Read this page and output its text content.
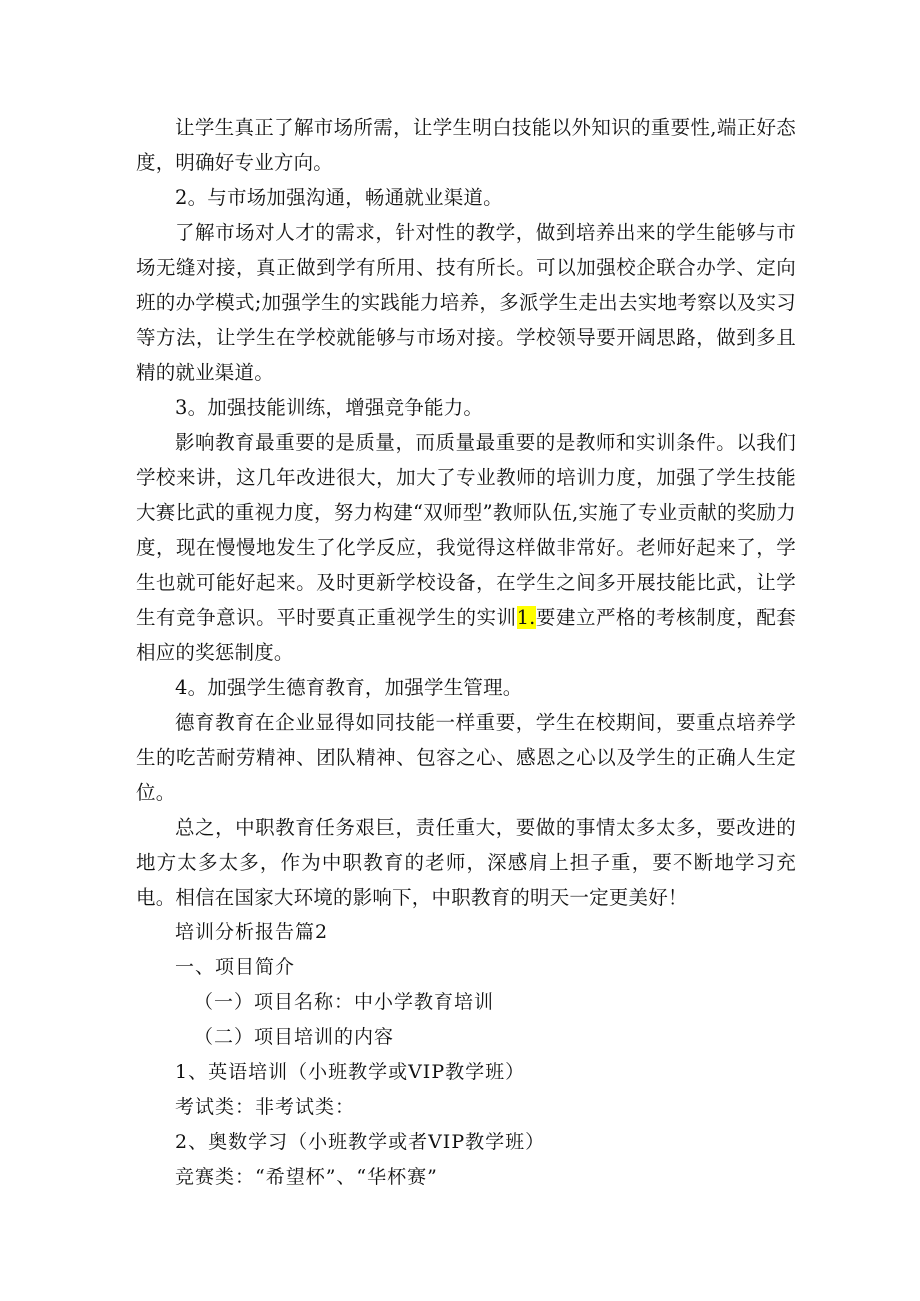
让学生真正了解市场所需，让学生明白技能以外知识的重要性,端正好态度，明确好专业方向。

2。与市场加强沟通，畅通就业渠道。

了解市场对人才的需求，针对性的教学，做到培养出来的学生能够与市场无缝对接，真正做到学有所用、技有所长。可以加强校企联合办学、定向班的办学模式;加强学生的实践能力培养，多派学生走出去实地考察以及实习等方法，让学生在学校就能够与市场对接。学校领导要开阔思路，做到多且精的就业渠道。

3。加强技能训练，增强竞争能力。

影响教育最重要的是质量，而质量最重要的是教师和实训条件。以我们学校来讲，这几年改进很大，加大了专业教师的培训力度，加强了学生技能大赛比武的重视力度，努力构建“双师型”教师队伍,实施了专业贡献的奖励力度，现在慢慢地发生了化学反应，我觉得这样做非常好。老师好起来了，学生也就可能好起来。及时更新学校设备，在学生之间多开展技能比武，让学生有竞争意识。平时要真正重视学生的实训1.要建立严格的考核制度，配套相应的奖惩制度。

4。加强学生德育教育，加强学生管理。

德育教育在企业显得如同技能一样重要，学生在校期间，要重点培养学生的吃苦耐劳精神、团队精神、包容之心、感恩之心以及学生的正确人生定位。

总之，中职教育任务艰巨，责任重大，要做的事情太多太多，要改进的地方太多太多，作为中职教育的老师，深感肩上担子重，要不断地学习充电。相信在国家大环境的影响下，中职教育的明天一定更美好！

培训分析报告篇2

一、项目简介

（一）项目名称：中小学教育培训

（二）项目培训的内容

1、英语培训（小班教学或VIP教学班）

考试类：非考试类：

2、奥数学习（小班教学或者VIP教学班）

竞赛类：“希望杯”、“华杯赛”
